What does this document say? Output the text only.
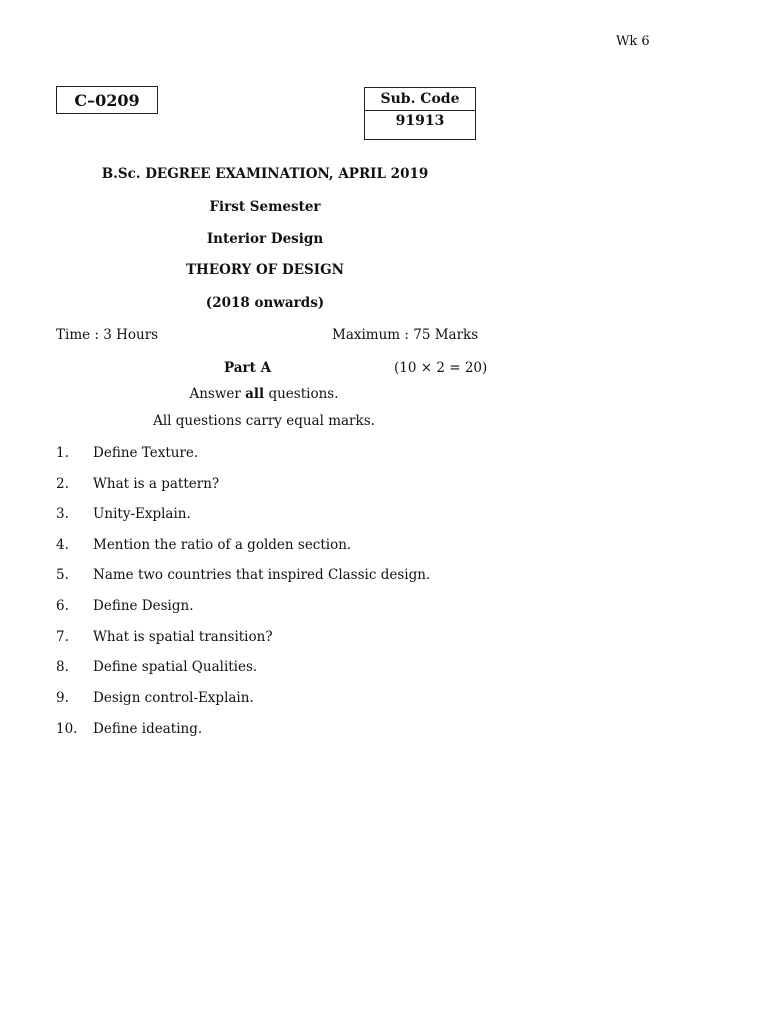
Wk 6
C–0209	Sub. Code
91913
B.Sc. DEGREE EXAMINATION, APRIL 2019
First Semester
Interior Design
THEORY OF DESIGN
(2018 onwards)
Time : 3 Hours	Maximum : 75 Marks
Part A	(10 × 2 = 20)
Answer all questions.
All questions carry equal marks.
1. Define Texture.
2. What is a pattern?
3. Unity-Explain.
4. Mention the ratio of a golden section.
5. Name two countries that inspired Classic design.
6. Define Design.
7. What is spatial transition?
8. Define spatial Qualities.
9. Design control-Explain.
10. Define ideating.
